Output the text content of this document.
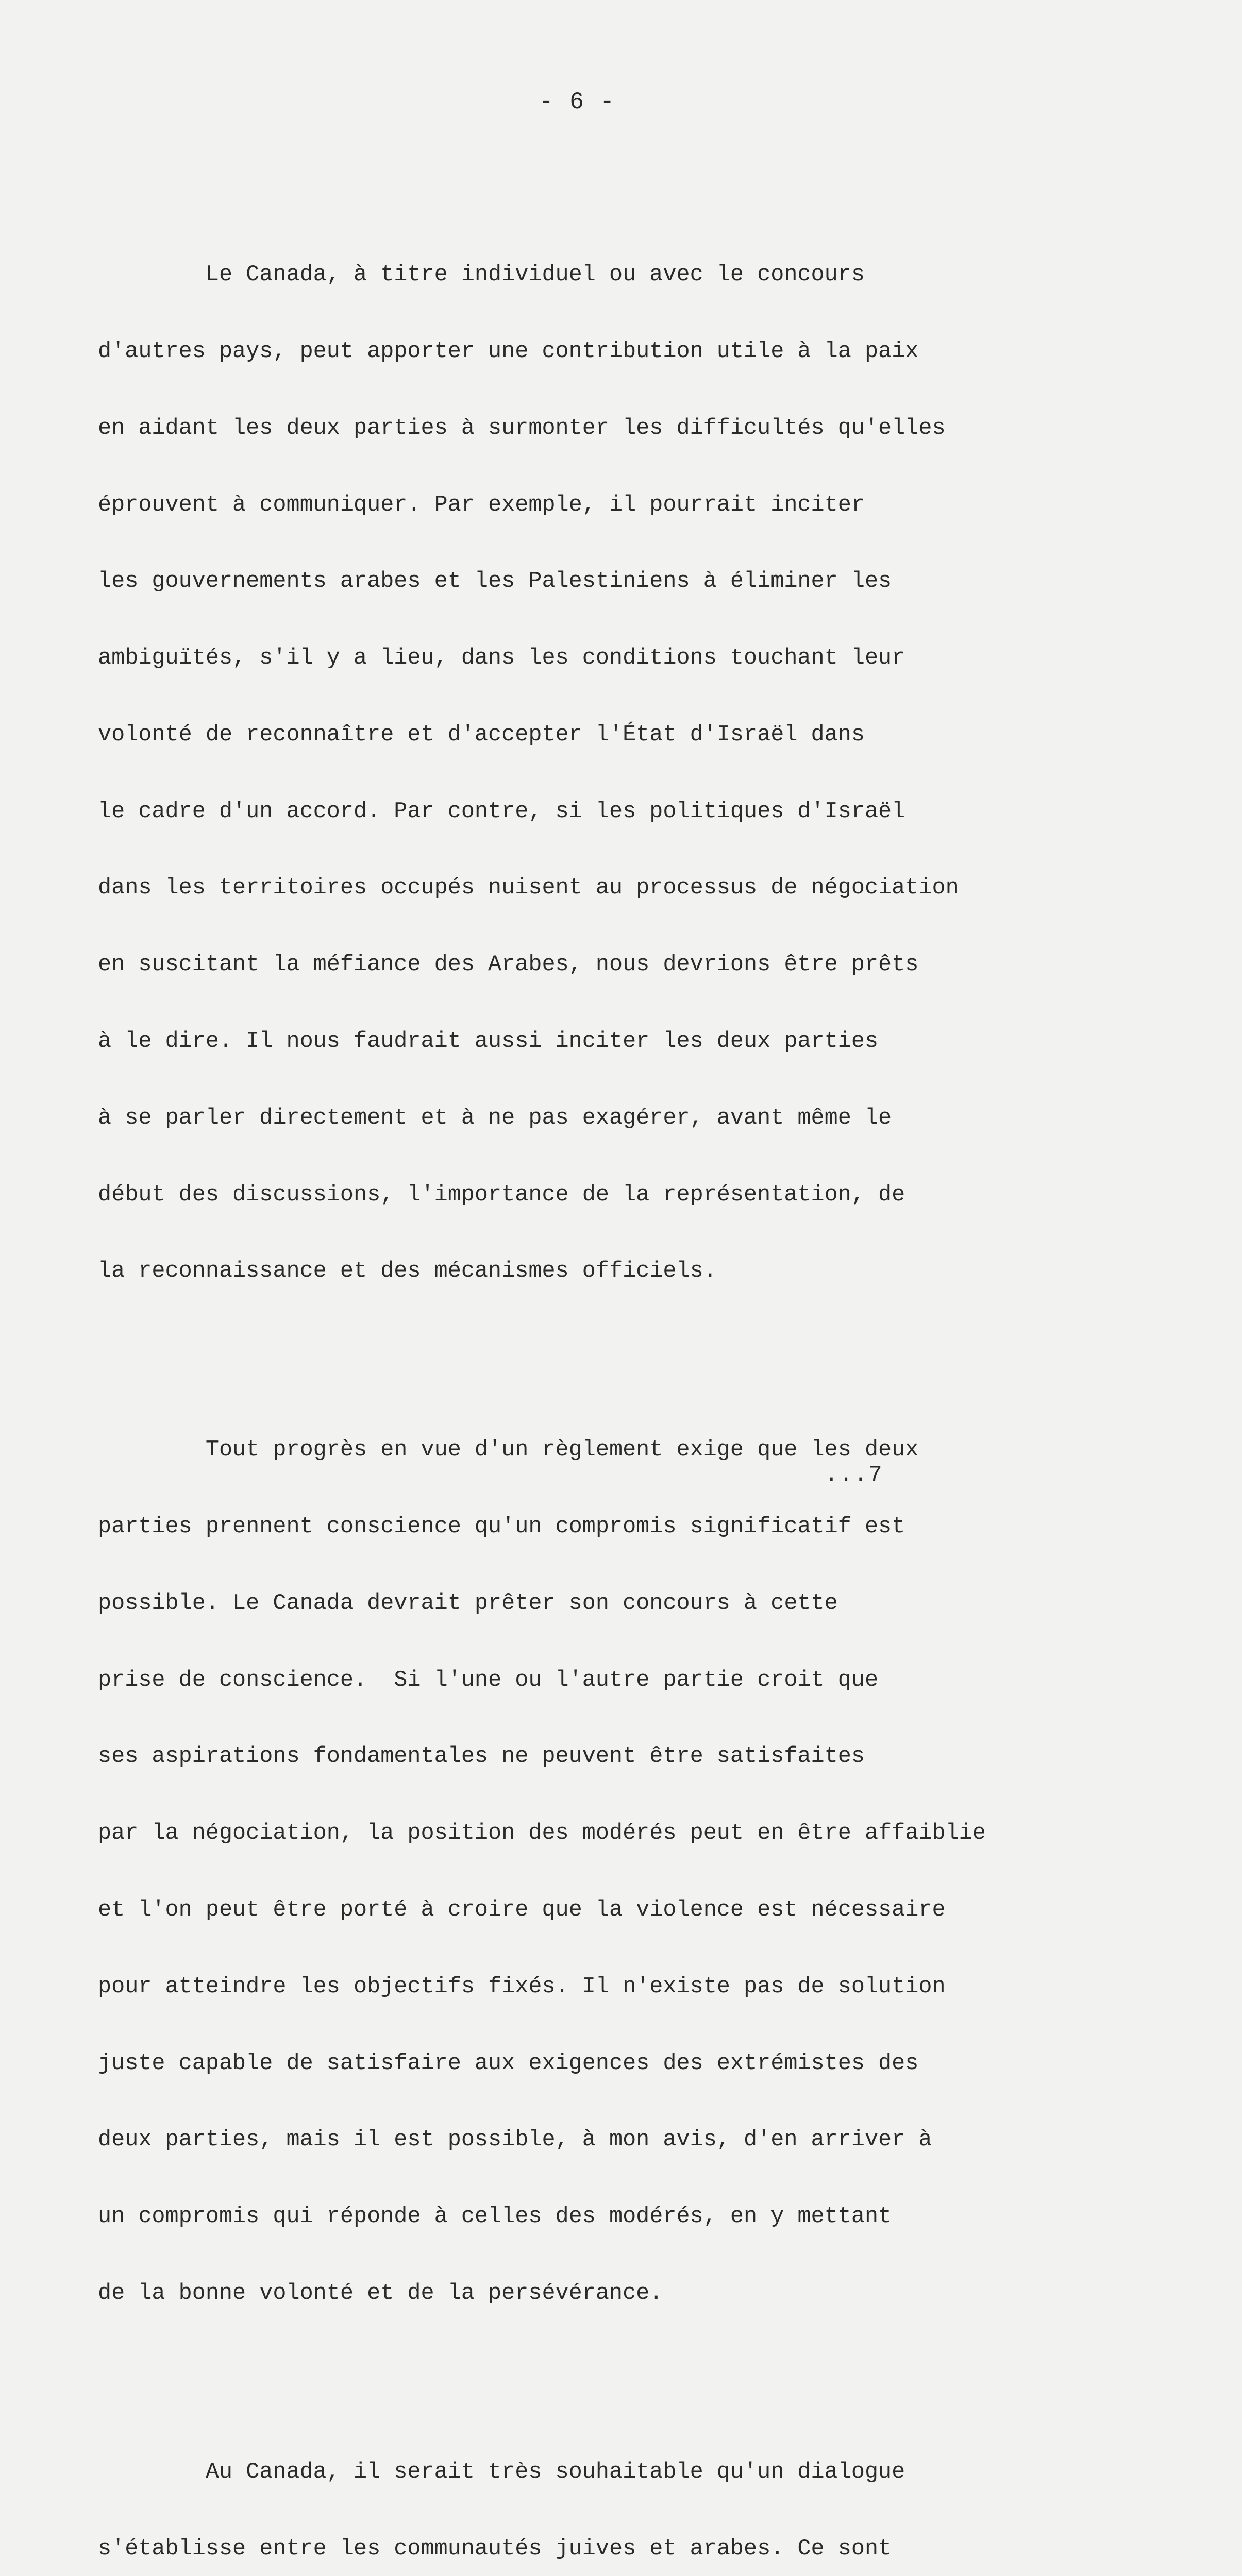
- 6 -

Le Canada, à titre individuel ou avec le concours

d'autres pays, peut apporter une contribution utile à la paix

en aidant les deux parties à surmonter les difficultés qu'elles

éprouvent à communiquer. Par exemple, il pourrait inciter

les gouvernements arabes et les Palestiniens à éliminer les

ambiguïtés, s'il y a lieu, dans les conditions touchant leur

volonté de reconnaître et d'accepter l'État d'Israël dans

le cadre d'un accord. Par contre, si les politiques d'Israël

dans les territoires occupés nuisent au processus de négociation

en suscitant la méfiance des Arabes, nous devrions être prêts

à le dire. Il nous faudrait aussi inciter les deux parties

à se parler directement et à ne pas exagérer, avant même le

début des discussions, l'importance de la représentation, de

la reconnaissance et des mécanismes officiels.

Tout progrès en vue d'un règlement exige que les deux

parties prennent conscience qu'un compromis significatif est

possible. Le Canada devrait prêter son concours à cette

prise de conscience.  Si l'une ou l'autre partie croit que

ses aspirations fondamentales ne peuvent être satisfaites

par la négociation, la position des modérés peut en être affaiblie

et l'on peut être porté à croire que la violence est nécessaire

pour atteindre les objectifs fixés. Il n'existe pas de solution

juste capable de satisfaire aux exigences des extrémistes des

deux parties, mais il est possible, à mon avis, d'en arriver à

un compromis qui réponde à celles des modérés, en y mettant

de la bonne volonté et de la persévérance.

Au Canada, il serait très souhaitable qu'un dialogue

s'établisse entre les communautés juives et arabes. Ce sont

...7
